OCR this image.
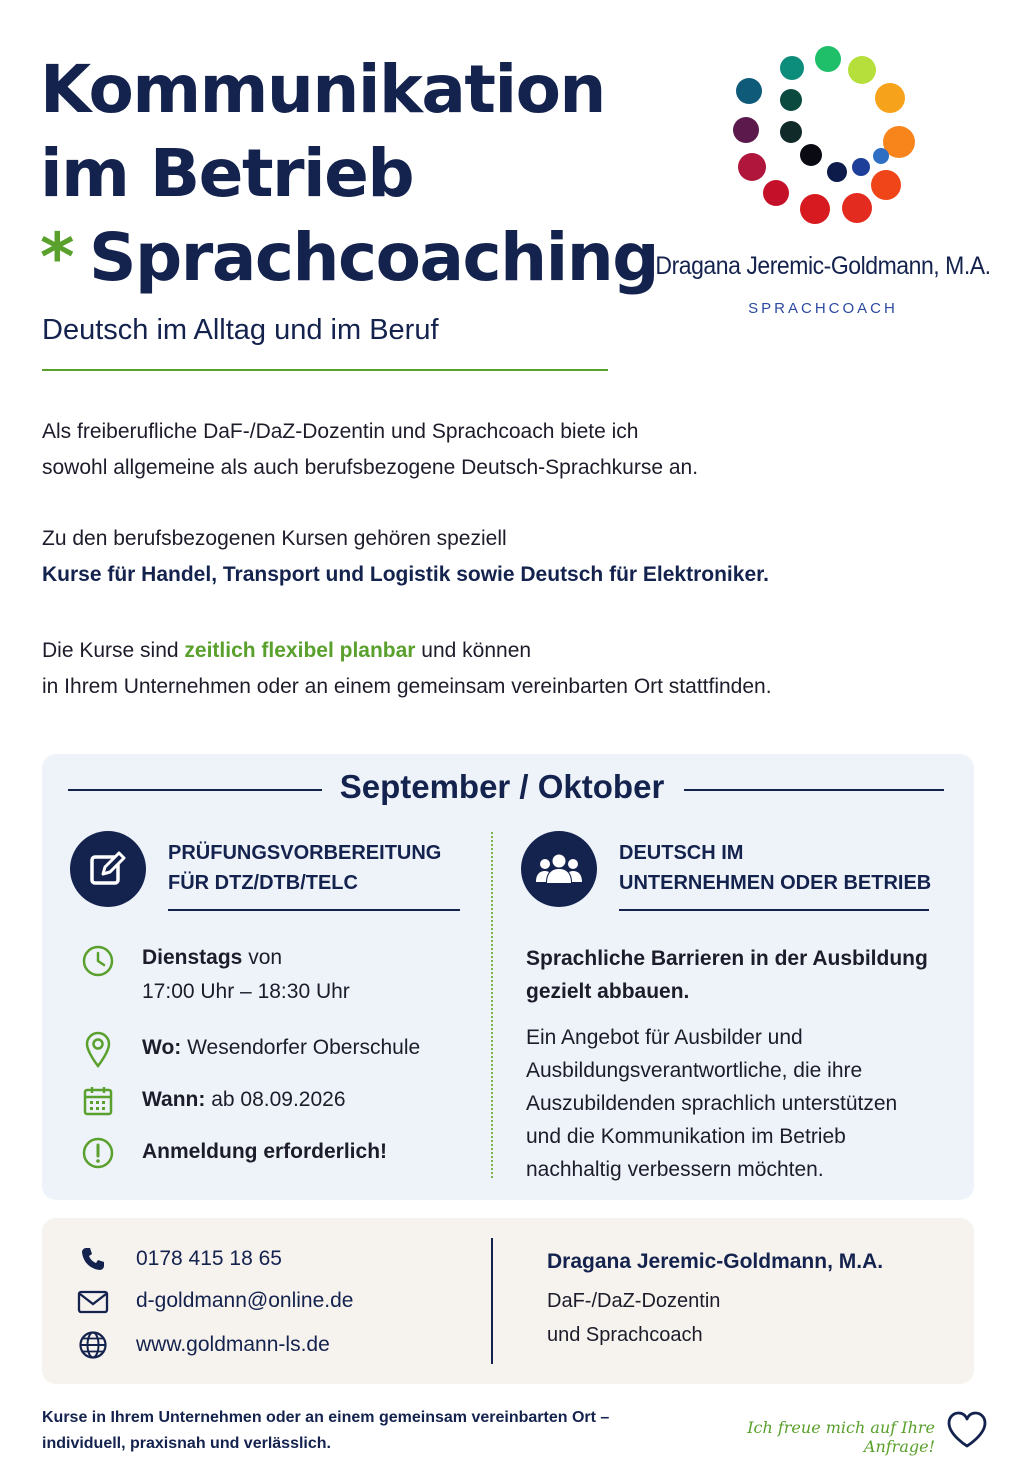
Kommunikation
im Betrieb
* Sprachcoaching
Deutsch im Alltag und im Beruf
Dragana Jeremic-Goldmann, M.A.
SPRACHCOACH
Als freiberufliche DaF-/DaZ-Dozentin und Sprachcoach biete ich
sowohl allgemeine als auch berufsbezogene Deutsch-Sprachkurse an.
Zu den berufsbezogenen Kursen gehören speziell
Kurse für Handel, Transport und Logistik sowie Deutsch für Elektroniker.
Die Kurse sind zeitlich flexibel planbar und können
in Ihrem Unternehmen oder an einem gemeinsam vereinbarten Ort stattfinden.
September / Oktober
PRÜFUNGSVORBEREITUNG
FÜR DTZ/DTB/TELC
Dienstags von
17:00 Uhr – 18:30 Uhr
Wo: Wesendorfer Oberschule
Wann: ab 08.09.2026
Anmeldung erforderlich!
DEUTSCH IM
UNTERNEHMEN ODER BETRIEB
Sprachliche Barrieren in der Ausbildung
gezielt abbauen.
Ein Angebot für Ausbilder und
Ausbildungsverantwortliche, die ihre
Auszubildenden sprachlich unterstützen
und die Kommunikation im Betrieb
nachhaltig verbessern möchten.
0178 415 18 65
d-goldmann@online.de
www.goldmann-ls.de
Dragana Jeremic-Goldmann, M.A.
DaF-/DaZ-Dozentin
und Sprachcoach
Kurse in Ihrem Unternehmen oder an einem gemeinsam vereinbarten Ort –
individuell, praxisnah und verlässlich.
Ich freue mich auf Ihre Anfrage!
